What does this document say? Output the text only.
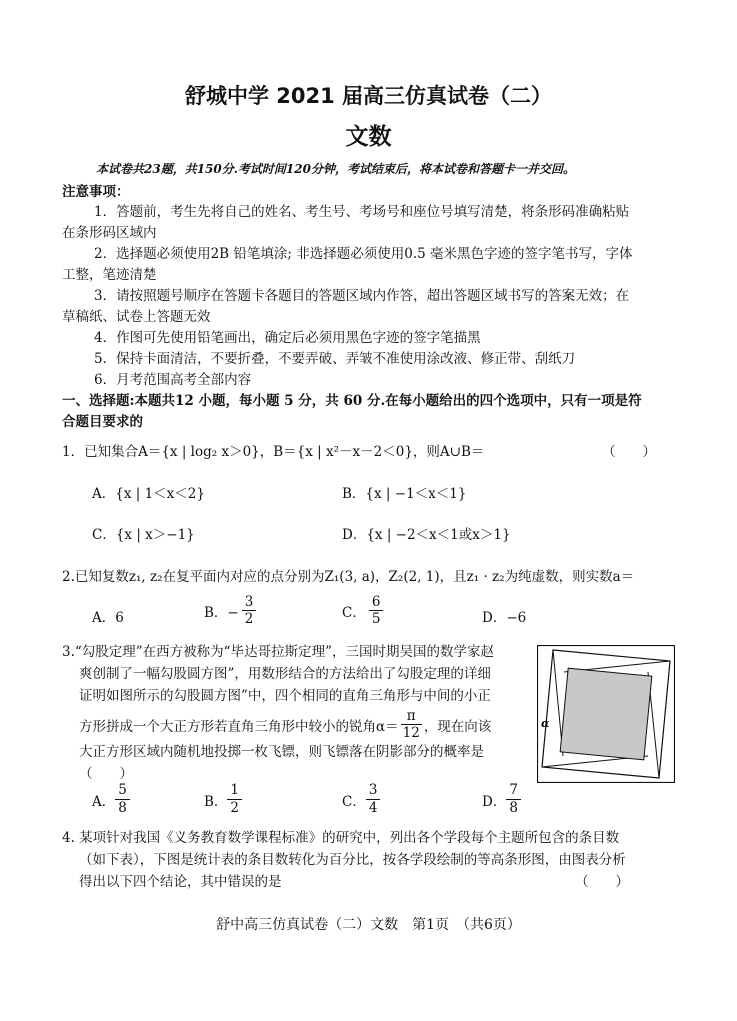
舒城中学 2021 届高三仿真试卷（二）
文数
本试卷共23题，共150分.考试时间120分钟，考试结束后，将本试卷和答题卡一并交回。
注意事项：
1．答题前，考生先将自己的姓名、考生号、考场号和座位号填写清楚，将条形码准确粘贴
在条形码区域内
2．选择题必须使用2B 铅笔填涂; 非选择题必须使用0.5 毫米黑色字迹的签字笔书写，字体
工整，笔迹清楚
3．请按照题号顺序在答题卡各题目的答题区域内作答，超出答题区域书写的答案无效；在
草稿纸、试卷上答题无效
4．作图可先使用铅笔画出，确定后必须用黑色字迹的签字笔描黑
5．保持卡面清洁，不要折叠，不要弄破、弄皱不准使用涂改液、修正带、刮纸刀
6．月考范围高考全部内容
一、选择题:本题共12 小题，每小题 5 分，共 60 分.在每小题给出的四个选项中，只有一项是符
合题目要求的
1．已知集合A＝{x | log₂ x＞0}，B＝{x | x²－x－2＜0}，则A∪B＝	（　　）
A．{x | 1＜x＜2}	B．{x | −1＜x＜1}
C．{x | x＞−1}	D．{x | −2＜x＜1或x＞1}
2.已知复数z₁, z₂在复平面内对应的点分别为Z₁(3, a)，Z₂(2, 1)，且z₁ · z₂为纯虚数，则实数a＝
A．6	B．− $\frac{3}{2}$	C． $\frac{6}{5}$	D．−6
3.“勾股定理”在西方被称为“毕达哥拉斯定理”，三国时期吴国的数学家赵
爽创制了一幅勾股圆方图”，用数形结合的方法给出了勾股定理的详细
证明如图所示的勾股圆方图”中，四个相同的直角三角形与中间的小正
方形拼成一个大正方形若直角三角形中较小的锐角$\alpha= \frac{\pi}{12}$ ，现在向该
大正方形区域内随机地投掷一枚飞镖，则飞镖落在阴影部分的概率是
（　　）
α
A． $\frac{5}{8}$	B． $\frac{1}{2}$	C． $\frac{3}{4}$	D． $\frac{7}{8}$
4. 某项针对我国《义务教育数学课程标准》的研究中，列出各个学段每个主题所包含的条目数
（如下表），下图是统计表的条目数转化为百分比，按各学段绘制的等高条形图，由图表分析
得出以下四个结论，其中错误的是	（　　）
舒中高三仿真试卷（二）文数　第1页　（共6页）
